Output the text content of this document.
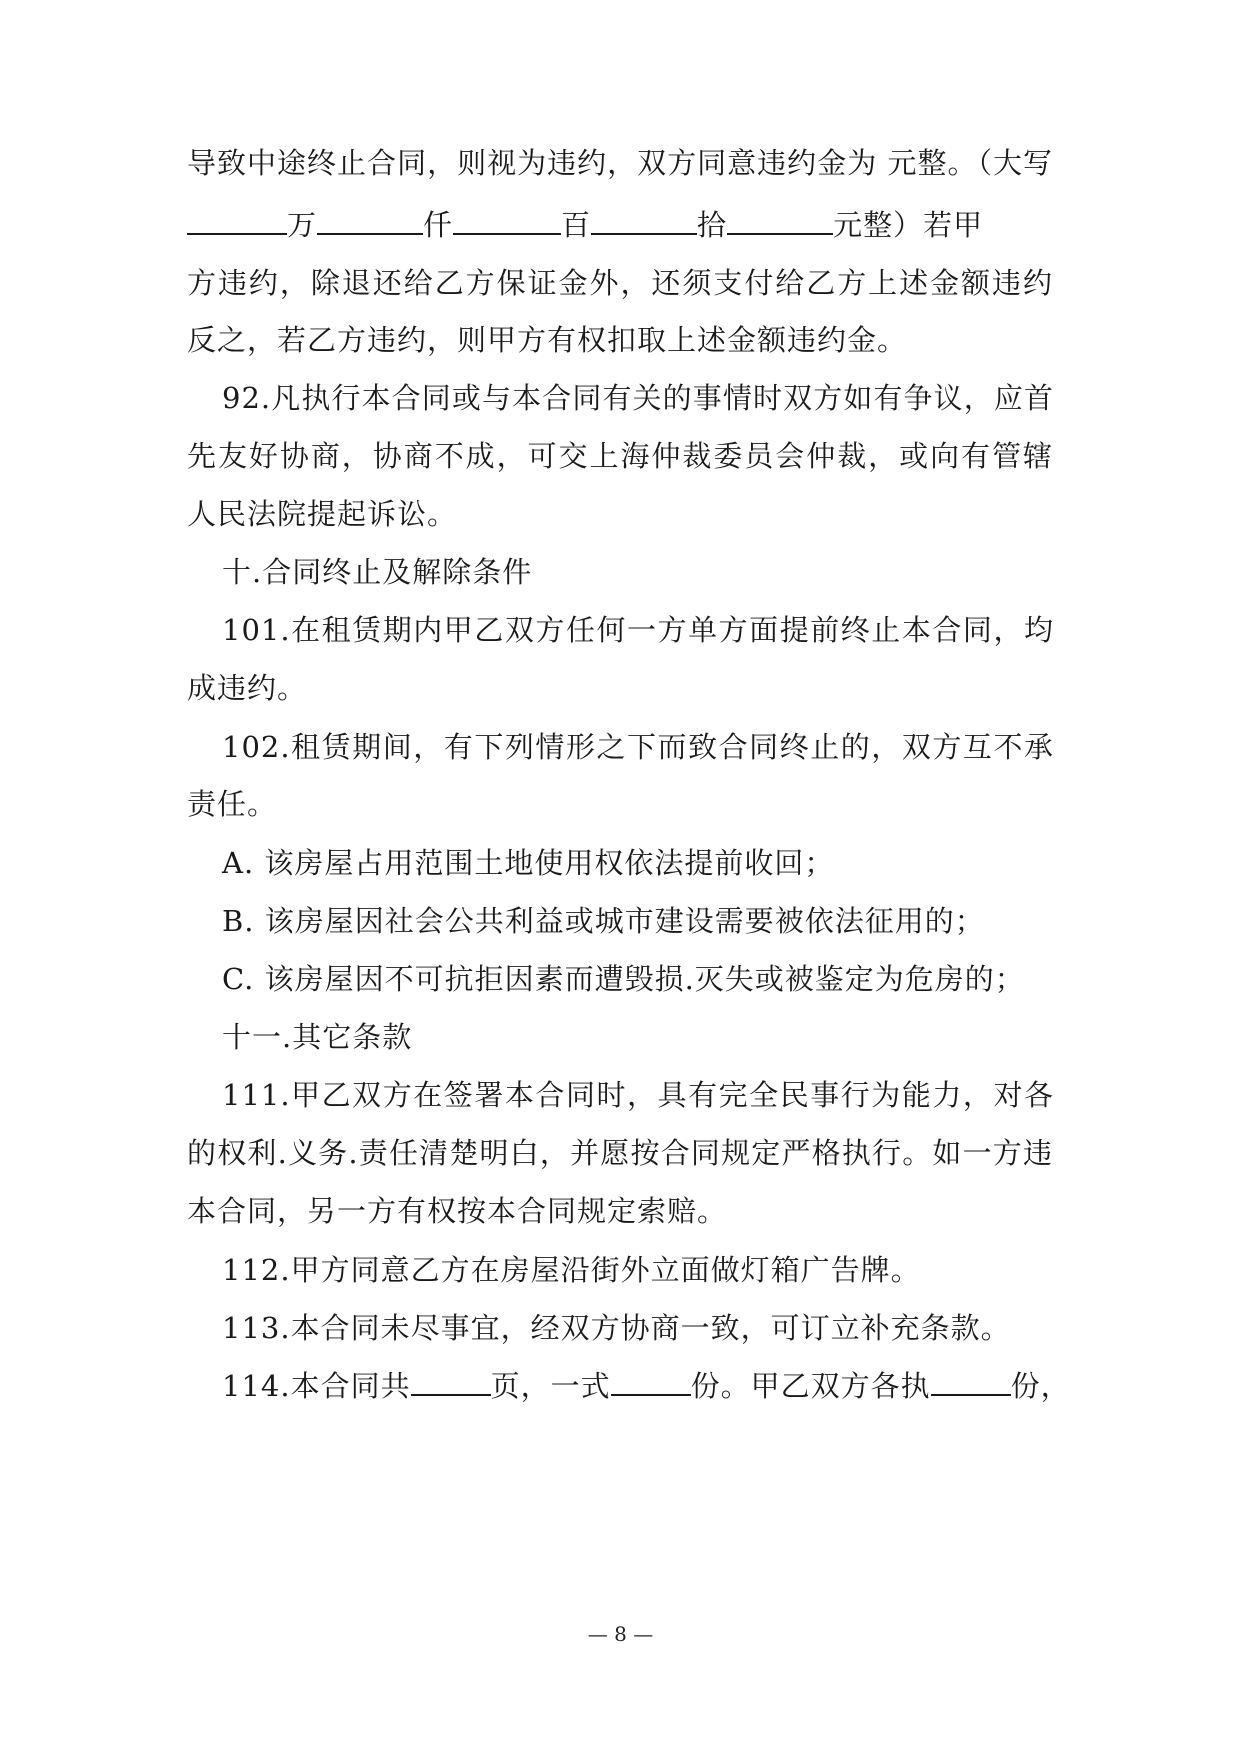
导致中途终止合同，则视为违约，双方同意违约金为 元整。（大写
万	仟	百	拾	元整）若甲
方违约，除退还给乙方保证金外，还须支付给乙方上述金额违约
反之，若乙方违约，则甲方有权扣取上述金额违约金。
92.凡执行本合同或与本合同有关的事情时双方如有争议，应首
先友好协商，协商不成，可交上海仲裁委员会仲裁，或向有管辖
人民法院提起诉讼。
十.合同终止及解除条件
101.在租赁期内甲乙双方任何一方单方面提前终止本合同，均
成违约。
102.租赁期间，有下列情形之下而致合同终止的，双方互不承
责任。
A. 该房屋占用范围土地使用权依法提前收回；
B. 该房屋因社会公共利益或城市建设需要被依法征用的；
C. 该房屋因不可抗拒因素而遭毁损.灭失或被鉴定为危房的；
十一.其它条款
111.甲乙双方在签署本合同时，具有完全民事行为能力，对各
的权利.义务.责任清楚明白，并愿按合同规定严格执行。如一方违
本合同，另一方有权按本合同规定索赔。
112.甲方同意乙方在房屋沿街外立面做灯箱广告牌。
113.本合同未尽事宜，经双方协商一致，可订立补充条款。
114.本合同共	页，一式	份。甲乙双方各执	份，
— 8 —
